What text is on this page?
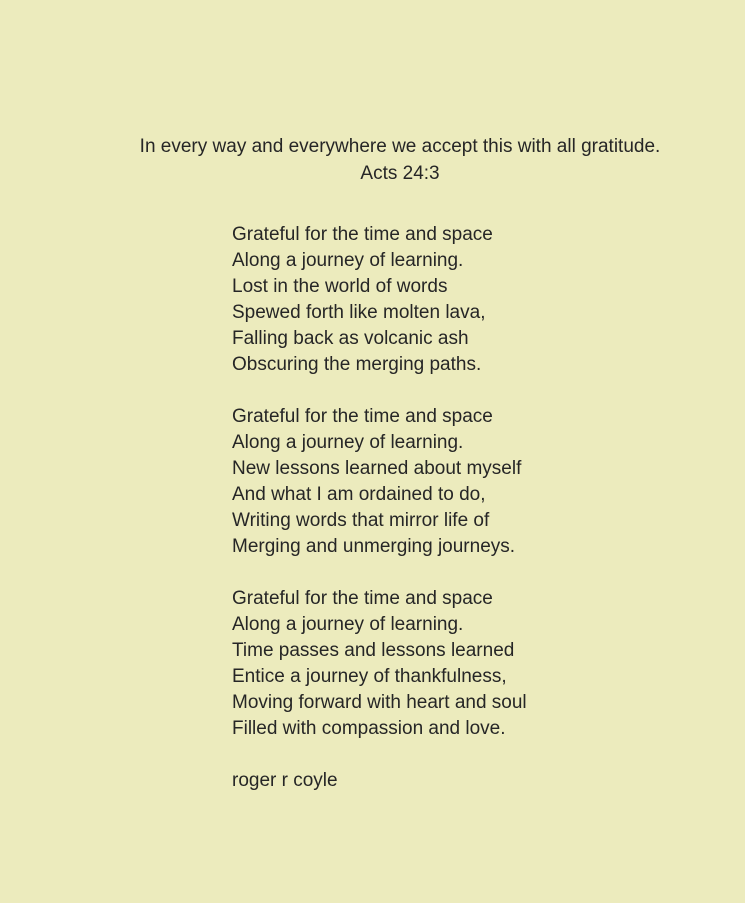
In every way and everywhere we accept this with all gratitude.
Acts 24:3
Grateful for the time and space
Along a journey of learning.
Lost in the world of words
Spewed forth like molten lava,
Falling back as volcanic ash
Obscuring the merging paths.
Grateful for the time and space
Along a journey of learning.
New lessons learned about myself
And what I am ordained to do,
Writing words that mirror life of
Merging and unmerging journeys.
Grateful for the time and space
Along a journey of learning.
Time passes and lessons learned
Entice a journey of thankfulness,
Moving forward with heart and soul
Filled with compassion and love.
roger r coyle
